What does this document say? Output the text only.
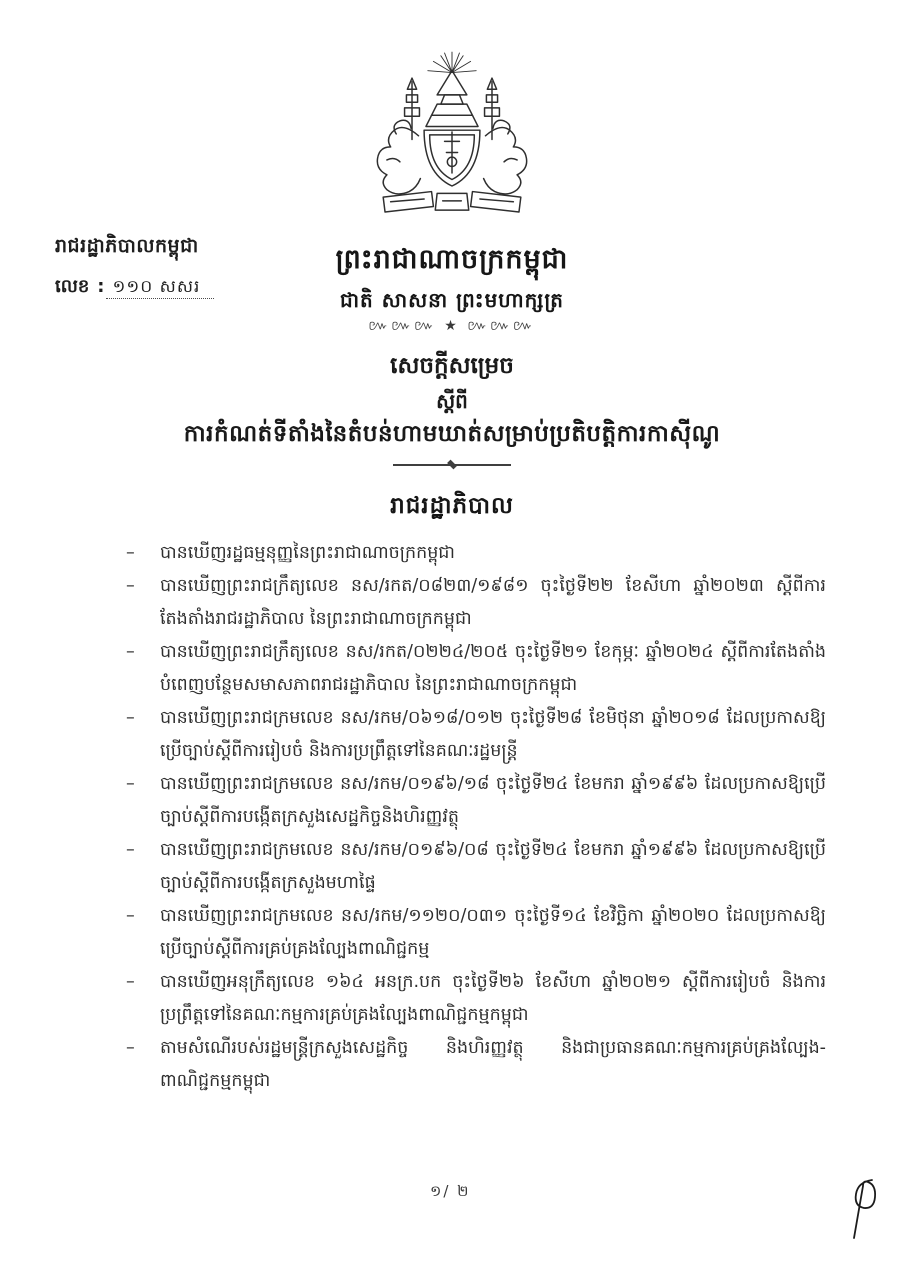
រាជរដ្ឋាភិបាលកម្ពុជា
លេខ : ១១០ សសរ
ព្រះរាជាណាចក្រកម្ពុជា
ជាតិ សាសនា ព្រះមហាក្សត្រ
៚៚៚ ★ ៚៚៚
សេចក្ដីសម្រេច
ស្ដីពី
ការកំណត់ទីតាំងនៃតំបន់ហាមឃាត់សម្រាប់ប្រតិបត្តិការកាស៊ីណូ
រាជរដ្ឋាភិបាល
–	បានឃើញរដ្ឋធម្មនុញ្ញនៃព្រះរាជាណាចក្រកម្ពុជា
–	បានឃើញព្រះរាជក្រឹត្យលេខ នស/រកត/០៨២៣/១៩៨១ ចុះថ្ងៃទី២២ ខែសីហា ឆ្នាំ២០២៣ ស្ដីពីការតែងតាំងរាជរដ្ឋាភិបាល នៃព្រះរាជាណាចក្រកម្ពុជា
–	បានឃើញព្រះរាជក្រឹត្យលេខ នស/រកត/០២២៤/២០៥ ចុះថ្ងៃទី២១ ខែកុម្ភៈ ឆ្នាំ២០២៤ ស្ដីពីការតែងតាំងបំពេញបន្ថែមសមាសភាពរាជរដ្ឋាភិបាល នៃព្រះរាជាណាចក្រកម្ពុជា
–	បានឃើញព្រះរាជក្រមលេខ នស/រកម/០៦១៨/០១២ ចុះថ្ងៃទី២៨ ខែមិថុនា ឆ្នាំ២០១៨ ដែលប្រកាសឱ្យប្រើច្បាប់ស្ដីពីការរៀបចំ និងការប្រព្រឹត្តទៅនៃគណៈរដ្ឋមន្ត្រី
–	បានឃើញព្រះរាជក្រមលេខ នស/រកម/០១៩៦/១៨ ចុះថ្ងៃទី២៤ ខែមករា ឆ្នាំ១៩៩៦ ដែលប្រកាសឱ្យប្រើច្បាប់ស្ដីពីការបង្កើតក្រសួងសេដ្ឋកិច្ចនិងហិរញ្ញវត្ថុ
–	បានឃើញព្រះរាជក្រមលេខ នស/រកម/០១៩៦/០៨ ចុះថ្ងៃទី២៤ ខែមករា ឆ្នាំ១៩៩៦ ដែលប្រកាសឱ្យប្រើច្បាប់ស្ដីពីការបង្កើតក្រសួងមហាផ្ទៃ
–	បានឃើញព្រះរាជក្រមលេខ នស/រកម/១១២០/០៣១ ចុះថ្ងៃទី១៤ ខែវិច្ឆិកា ឆ្នាំ២០២០ ដែលប្រកាសឱ្យប្រើច្បាប់ស្ដីពីការគ្រប់គ្រងល្បែងពាណិជ្ជកម្ម
–	បានឃើញអនុក្រឹត្យលេខ ១៦៤ អនក្រ.បក ចុះថ្ងៃទី២៦ ខែសីហា ឆ្នាំ២០២១ ស្ដីពីការរៀបចំ និងការប្រព្រឹត្តទៅនៃគណៈកម្មការគ្រប់គ្រងល្បែងពាណិជ្ជកម្មកម្ពុជា
–	តាមសំណើរបស់រដ្ឋមន្ត្រីក្រសួងសេដ្ឋកិច្ច និងហិរញ្ញវត្ថុ និងជាប្រធានគណៈកម្មការគ្រប់គ្រងល្បែង-ពាណិជ្ជកម្មកម្ពុជា
១/ ២
